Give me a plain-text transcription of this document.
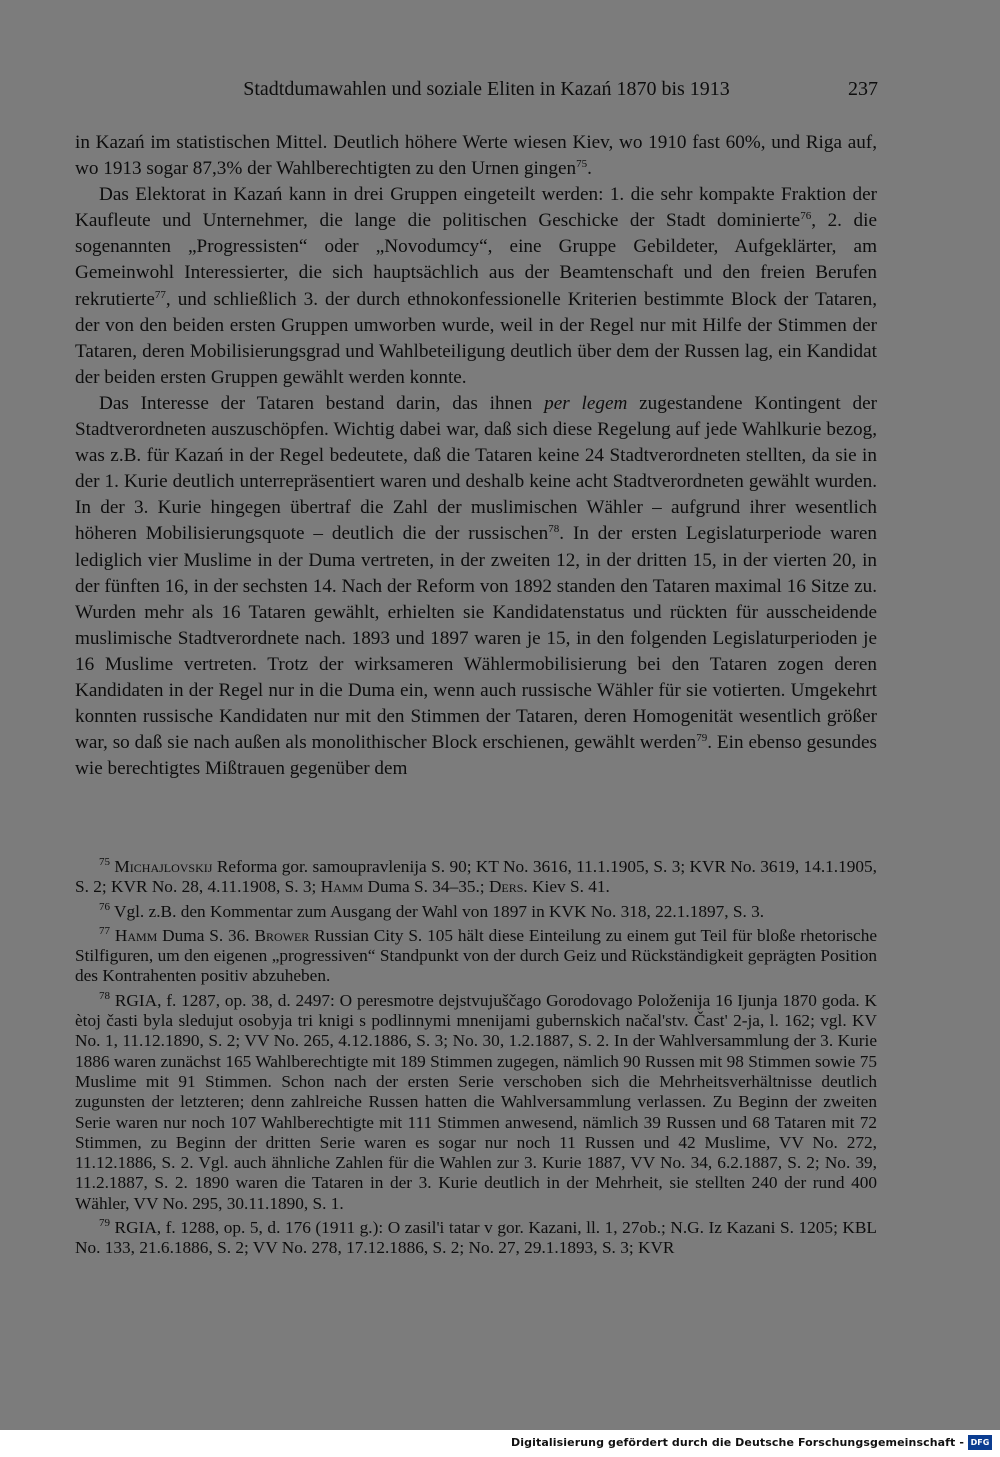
Stadtdumawahlen und soziale Eliten in Kazań 1870 bis 1913	237

in Kazań im statistischen Mittel. Deutlich höhere Werte wiesen Kiev, wo 1910 fast 60%, und Riga auf, wo 1913 sogar 87,3% der Wahlberechtigten zu den Urnen gingen$^{75}$.

Das Elektorat in Kazań kann in drei Gruppen eingeteilt werden: 1. die sehr kompakte Fraktion der Kaufleute und Unternehmer, die lange die politischen Geschicke der Stadt dominierte$^{76}$, 2. die sogenannten „Progressisten“ oder „Novodumcy“, eine Gruppe Gebildeter, Aufgeklärter, am Gemeinwohl Interessierter, die sich hauptsächlich aus der Beamtenschaft und den freien Berufen rekrutierte$^{77}$, und schließlich 3. der durch ethnokonfessionelle Kriterien bestimmte Block der Tataren, der von den beiden ersten Gruppen umworben wurde, weil in der Regel nur mit Hilfe der Stimmen der Tataren, deren Mobilisierungsgrad und Wahlbeteiligung deutlich über dem der Russen lag, ein Kandidat der beiden ersten Gruppen gewählt werden konnte.

Das Interesse der Tataren bestand darin, das ihnen per legem zugestandene Kontingent der Stadtverordneten auszuschöpfen. Wichtig dabei war, daß sich diese Regelung auf jede Wahlkurie bezog, was z.B. für Kazań in der Regel bedeutete, daß die Tataren keine 24 Stadtverordneten stellten, da sie in der 1. Kurie deutlich unterrepräsentiert waren und deshalb keine acht Stadtverordneten gewählt wurden. In der 3. Kurie hingegen übertraf die Zahl der muslimischen Wähler – aufgrund ihrer wesentlich höheren Mobilisierungsquote – deutlich die der russischen$^{78}$. In der ersten Legislaturperiode waren lediglich vier Muslime in der Duma vertreten, in der zweiten 12, in der dritten 15, in der vierten 20, in der fünften 16, in der sechsten 14. Nach der Reform von 1892 standen den Tataren maximal 16 Sitze zu. Wurden mehr als 16 Tataren gewählt, erhielten sie Kandidatenstatus und rückten für ausscheidende muslimische Stadtverordnete nach. 1893 und 1897 waren je 15, in den folgenden Legislaturperioden je 16 Muslime vertreten. Trotz der wirksameren Wählermobilisierung bei den Tataren zogen deren Kandidaten in der Regel nur in die Duma ein, wenn auch russische Wähler für sie votierten. Umgekehrt konnten russische Kandidaten nur mit den Stimmen der Tataren, deren Homogenität wesentlich größer war, so daß sie nach außen als monolithischer Block erschienen, gewählt werden$^{79}$. Ein ebenso gesundes wie berechtigtes Mißtrauen gegenüber dem

$^{75}$ Michajlovskij Reforma gor. samoupravlenija S. 90; KT No. 3616, 11.1.1905, S. 3; KVR No. 3619, 14.1.1905, S. 2; KVR No. 28, 4.11.1908, S. 3; Hamm Duma S. 34–35.; Ders. Kiev S. 41.

$^{76}$ Vgl. z.B. den Kommentar zum Ausgang der Wahl von 1897 in KVK No. 318, 22.1.1897, S. 3.

$^{77}$ Hamm Duma S. 36. Brower Russian City S. 105 hält diese Einteilung zu einem gut Teil für bloße rhetorische Stilfiguren, um den eigenen „progressiven“ Standpunkt von der durch Geiz und Rückständigkeit geprägten Position des Kontrahenten positiv abzuheben.

$^{78}$ RGIA, f. 1287, op. 38, d. 2497: O peresmotre dejstvujuščago Gorodovago Položenija 16 Ijunja 1870 goda. K ètoj časti byla sledujut osobyja tri knigi s podlinnymi mnenijami gubernskich načal'stv. Čast' 2-ja, l. 162; vgl. KV No. 1, 11.12.1890, S. 2; VV No. 265, 4.12.1886, S. 3; No. 30, 1.2.1887, S. 2. In der Wahlversammlung der 3. Kurie 1886 waren zunächst 165 Wahlberechtigte mit 189 Stimmen zugegen, nämlich 90 Russen mit 98 Stimmen sowie 75 Muslime mit 91 Stimmen. Schon nach der ersten Serie verschoben sich die Mehrheitsverhältnisse deutlich zugunsten der letzteren; denn zahlreiche Russen hatten die Wahlversammlung verlassen. Zu Beginn der zweiten Serie waren nur noch 107 Wahlberechtigte mit 111 Stimmen anwesend, nämlich 39 Russen und 68 Tataren mit 72 Stimmen, zu Beginn der dritten Serie waren es sogar nur noch 11 Russen und 42 Muslime, VV No. 272, 11.12.1886, S. 2. Vgl. auch ähnliche Zahlen für die Wahlen zur 3. Kurie 1887, VV No. 34, 6.2.1887, S. 2; No. 39, 11.2.1887, S. 2. 1890 waren die Tataren in der 3. Kurie deutlich in der Mehrheit, sie stellten 240 der rund 400 Wähler, VV No. 295, 30.11.1890, S. 1.

$^{79}$ RGIA, f. 1288, op. 5, d. 176 (1911 g.): O zasil'i tatar v gor. Kazani, ll. 1, 27ob.; N.G. Iz Kazani S. 1205; KBL No. 133, 21.6.1886, S. 2; VV No. 278, 17.12.1886, S. 2; No. 27, 29.1.1893, S. 3; KVR

Digitalisierung gefördert durch die Deutsche Forschungsgemeinschaft - DFG
